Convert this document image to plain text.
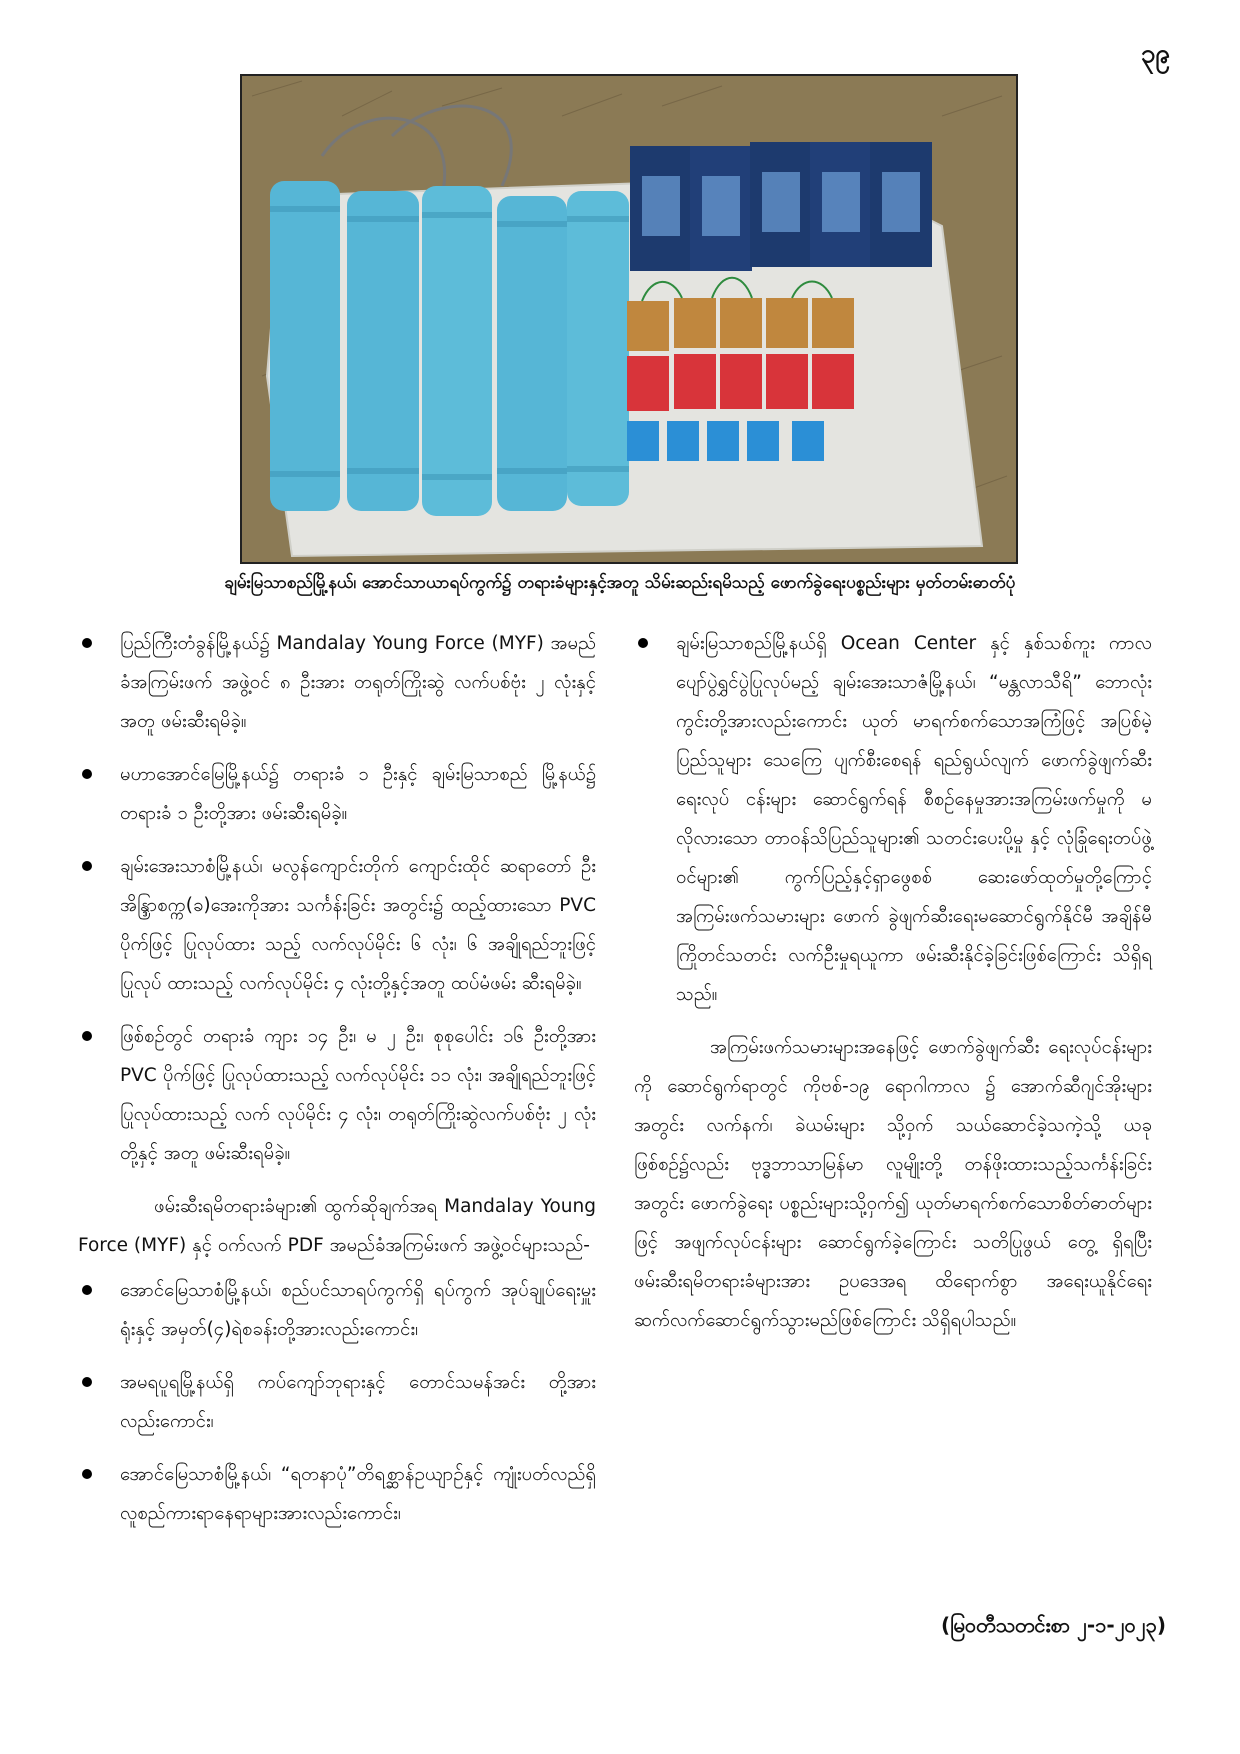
၃၉
ချမ်းမြသာစည်မြို့နယ်၊ အောင်သာယာရပ်ကွက်၌ တရားခံများနှင့်အတူ သိမ်းဆည်းရမိသည့် ဖောက်ခွဲရေးပစ္စည်းများ မှတ်တမ်းဓာတ်ပုံ

ပြည်ကြီးတံခွန်မြို့နယ်၌ Mandalay Young Force (MYF) အမည်ခံအကြမ်းဖက် အဖွဲ့ဝင် ၈ ဦးအား တရုတ်ကြိုးဆွဲ လက်ပစ်ဗုံး ၂ လုံးနှင့်အတူ ဖမ်းဆီးရမိခဲ့။

မဟာအောင်မြေမြို့နယ်၌ တရားခံ ၁ ဦးနှင့် ချမ်းမြသာစည် မြို့နယ်၌ တရားခံ ၁ ဦးတို့အား ဖမ်းဆီးရမိခဲ့။

ချမ်းအေးသာစံမြို့နယ်၊ မလွန်ကျောင်းတိုက် ကျောင်းထိုင် ဆရာတော် ဦးအိန္ဒြာစက္က(ခ)အေးကိုအား သင်္ကန်းခြင်း အတွင်း၌ ထည့်ထားသော PVC ပိုက်ဖြင့် ပြုလုပ်ထား သည့် လက်လုပ်မိုင်း ၆ လုံး၊ ၆ အချိုရည်ဘူးဖြင့် ပြုလုပ် ထားသည့် လက်လုပ်မိုင်း ၄ လုံးတို့နှင့်အတူ ထပ်မံဖမ်း ဆီးရမိခဲ့။

ဖြစ်စဉ်တွင် တရားခံ ကျား ၁၄ ဦး၊ မ ၂ ဦး၊ စုစုပေါင်း ၁၆ ဦးတို့အား PVC ပိုက်ဖြင့် ပြုလုပ်ထားသည့် လက်လုပ်မိုင်း ၁၁ လုံး၊ အချိုရည်ဘူးဖြင့် ပြုလုပ်ထားသည့် လက် လုပ်မိုင်း ၄ လုံး၊ တရုတ်ကြိုးဆွဲလက်ပစ်ဗုံး ၂ လုံးတို့နှင့် အတူ ဖမ်းဆီးရမိခဲ့။

ဖမ်းဆီးရမိတရားခံများ၏ ထွက်ဆိုချက်အရ Mandalay Young Force (MYF) နှင့် ဝက်လက် PDF အမည်ခံအကြမ်းဖက် အဖွဲ့ဝင်များသည်-

အောင်မြေသာစံမြို့နယ်၊ စည်ပင်သာရပ်ကွက်ရှိ ရပ်ကွက် အုပ်ချုပ်ရေးမှူးရုံးနှင့် အမှတ်(၄)ရဲစခန်းတို့အားလည်းကောင်း၊

အမရပူရမြို့နယ်ရှိ ကပ်ကျော်ဘုရားနှင့် တောင်သမန်အင်း တို့အားလည်းကောင်း၊

အောင်မြေသာစံမြို့နယ်၊ “ရတနာပုံ”တိရစ္ဆာန်ဥယျာဉ်နှင့် ကျုံးပတ်လည်ရှိလူစည်ကားရာနေရာများအားလည်းကောင်း၊

ချမ်းမြသာစည်မြို့နယ်ရှိ Ocean Center နှင့် နှစ်သစ်ကူး ကာလ ပျော်ပွဲရွှင်ပွဲပြုလုပ်မည့် ချမ်းအေးသာဇံမြို့နယ်၊ “မန္တလာသီရိ” ဘောလုံးကွင်းတို့အားလည်းကောင်း ယုတ် မာရက်စက်သောအကြံဖြင့် အပြစ်မဲ့ပြည်သူများ သေကြေ ပျက်စီးစေရန် ရည်ရွယ်လျက် ဖောက်ခွဲဖျက်ဆီးရေးလုပ် ငန်းများ ဆောင်ရွက်ရန် စီစဉ်နေမှုအားအကြမ်းဖက်မှုကို မလိုလားသော တာဝန်သိပြည်သူများ၏ သတင်းပေးပို့မှု နှင့် လုံခြုံရေးတပ်ဖွဲ့ဝင်များ၏ ကွက်ပြည့်နှင့်ရှာဖွေစစ် ဆေးဖော်ထုတ်မှုတို့ကြောင့် အကြမ်းဖက်သမားများ ဖောက် ခွဲဖျက်ဆီးရေးမဆောင်ရွက်နိုင်မီ အချိန်မီ ကြိုတင်သတင်း လက်ဦးမှုရယူကာ ဖမ်းဆီးနိုင်ခဲ့ခြင်းဖြစ်ကြောင်း သိရှိရ သည်။

အကြမ်းဖက်သမားများအနေဖြင့် ဖောက်ခွဲဖျက်ဆီး ရေးလုပ်ငန်းများကို ဆောင်ရွက်ရာတွင် ကိုဗစ်-၁၉ ရောဂါကာလ ၌ အောက်ဆီဂျင်အိုးများအတွင်း လက်နက်၊ ခဲယမ်းများ သို့ဝှက် သယ်ဆောင်ခဲ့သကဲ့သို့ ယခုဖြစ်စဉ်၌လည်း ဗုဒ္ဓဘာသာမြန်မာ လူမျိုးတို့ တန်ဖိုးထားသည့်သင်္ကန်းခြင်းအတွင်း ဖောက်ခွဲရေး ပစ္စည်းများသို့ဝှက်၍ ယုတ်မာရက်စက်သောစိတ်ဓာတ်များဖြင့် အဖျက်လုပ်ငန်းများ ဆောင်ရွက်ခဲ့ကြောင်း သတိပြုဖွယ် တွေ့ ရှိရပြီး ဖမ်းဆီးရမိတရားခံများအား ဥပဒေအရ ထိရောက်စွာ အရေးယူနိုင်ရေး ဆက်လက်ဆောင်ရွက်သွားမည်ဖြစ်ကြောင်း သိရှိရပါသည်။

(မြဝတီသတင်းစာ ၂-၁-၂၀၂၃)
